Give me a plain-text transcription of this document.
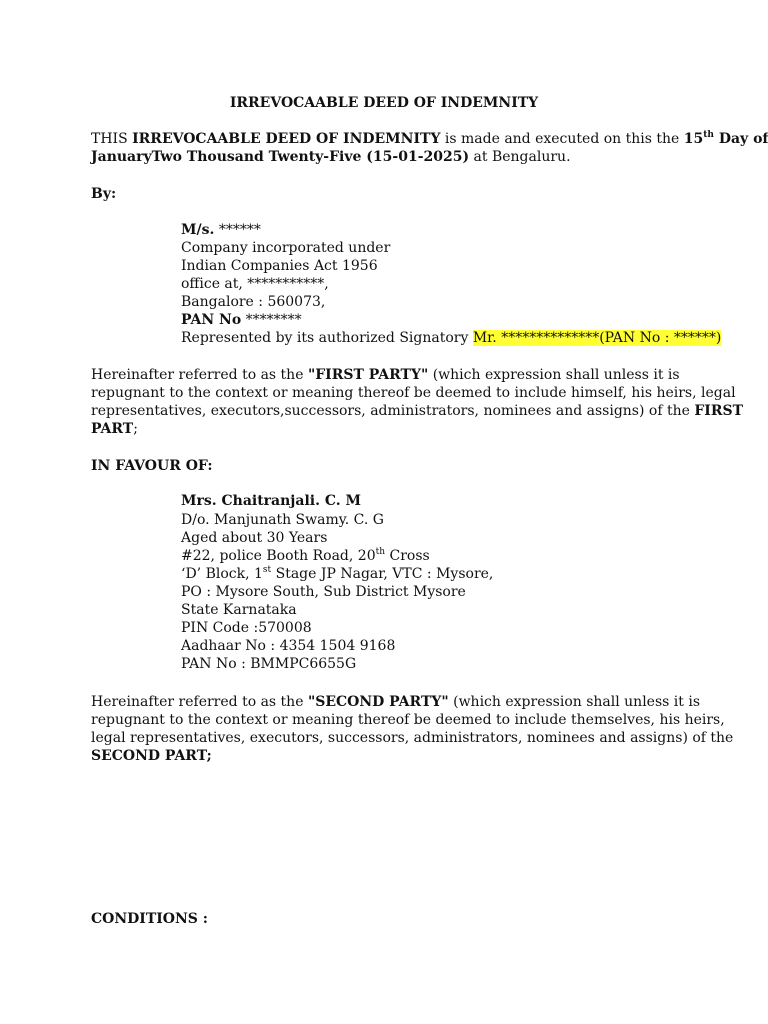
IRREVOCAABLE DEED OF INDEMNITY
THIS IRREVOCAABLE DEED OF INDEMNITY is made and executed on this the 15th Day of
JanuaryTwo Thousand Twenty-Five (15-01-2025) at Bengaluru.
By:
M/s. ******
Company incorporated under
Indian Companies Act 1956
office at, ***********,
Bangalore : 560073,
PAN No ********
Represented by its authorized Signatory Mr. **************(PAN No : ******)
Hereinafter referred to as the "FIRST PARTY" (which expression shall unless it is
repugnant to the context or meaning thereof be deemed to include himself, his heirs, legal
representatives, executors,successors, administrators, nominees and assigns) of the FIRST
PART;
IN FAVOUR OF:
Mrs. Chaitranjali. C. M
D/o. Manjunath Swamy. C. G
Aged about 30 Years
#22, police Booth Road, 20th Cross
‘D’ Block, 1st Stage JP Nagar, VTC : Mysore,
PO : Mysore South, Sub District Mysore
State Karnataka
PIN Code :570008
Aadhaar No : 4354 1504 9168
PAN No : BMMPC6655G
Hereinafter referred to as the "SECOND PARTY" (which expression shall unless it is
repugnant to the context or meaning thereof be deemed to include themselves, his heirs,
legal representatives, executors, successors, administrators, nominees and assigns) of the
SECOND PART;
CONDITIONS :
